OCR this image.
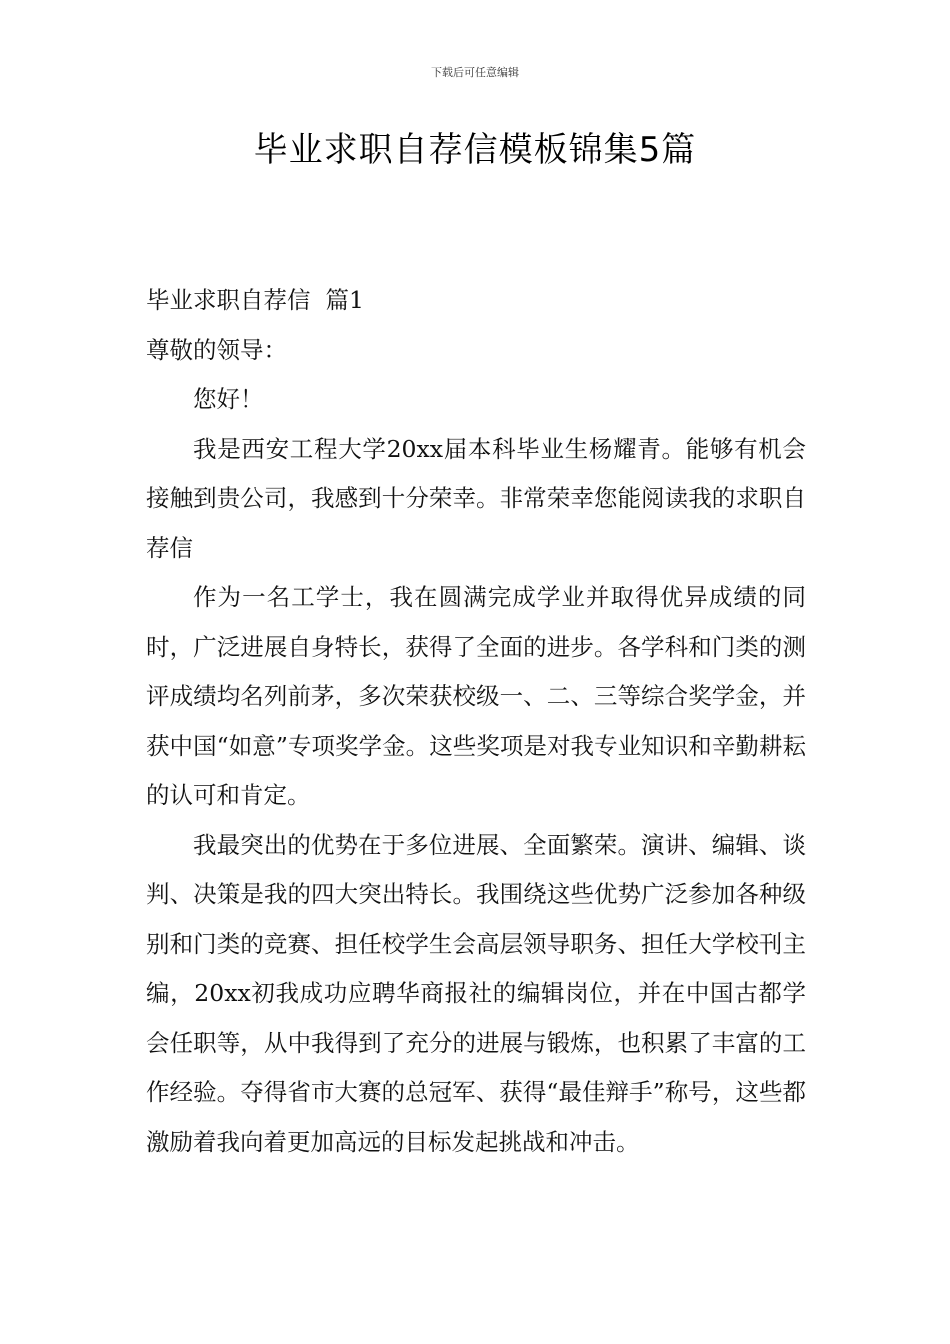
下载后可任意编辑
毕业求职自荐信模板锦集5篇

毕业求职自荐信  篇1

尊敬的领导：

您好！

我是西安工程大学20xx届本科毕业生杨耀青。能够有机会接触到贵公司，我感到十分荣幸。非常荣幸您能阅读我的求职自荐信

作为一名工学士，我在圆满完成学业并取得优异成绩的同时，广泛进展自身特长，获得了全面的进步。各学科和门类的测评成绩均名列前茅，多次荣获校级一、二、三等综合奖学金，并获中国“如意”专项奖学金。这些奖项是对我专业知识和辛勤耕耘的认可和肯定。

我最突出的优势在于多位进展、全面繁荣。演讲、编辑、谈判、决策是我的四大突出特长。我围绕这些优势广泛参加各种级别和门类的竞赛、担任校学生会高层领导职务、担任大学校刊主编，20xx初我成功应聘华商报社的编辑岗位，并在中国古都学会任职等，从中我得到了充分的进展与锻炼，也积累了丰富的工作经验。夺得省市大赛的总冠军、获得“最佳辩手”称号，这些都激励着我向着更加高远的目标发起挑战和冲击。
